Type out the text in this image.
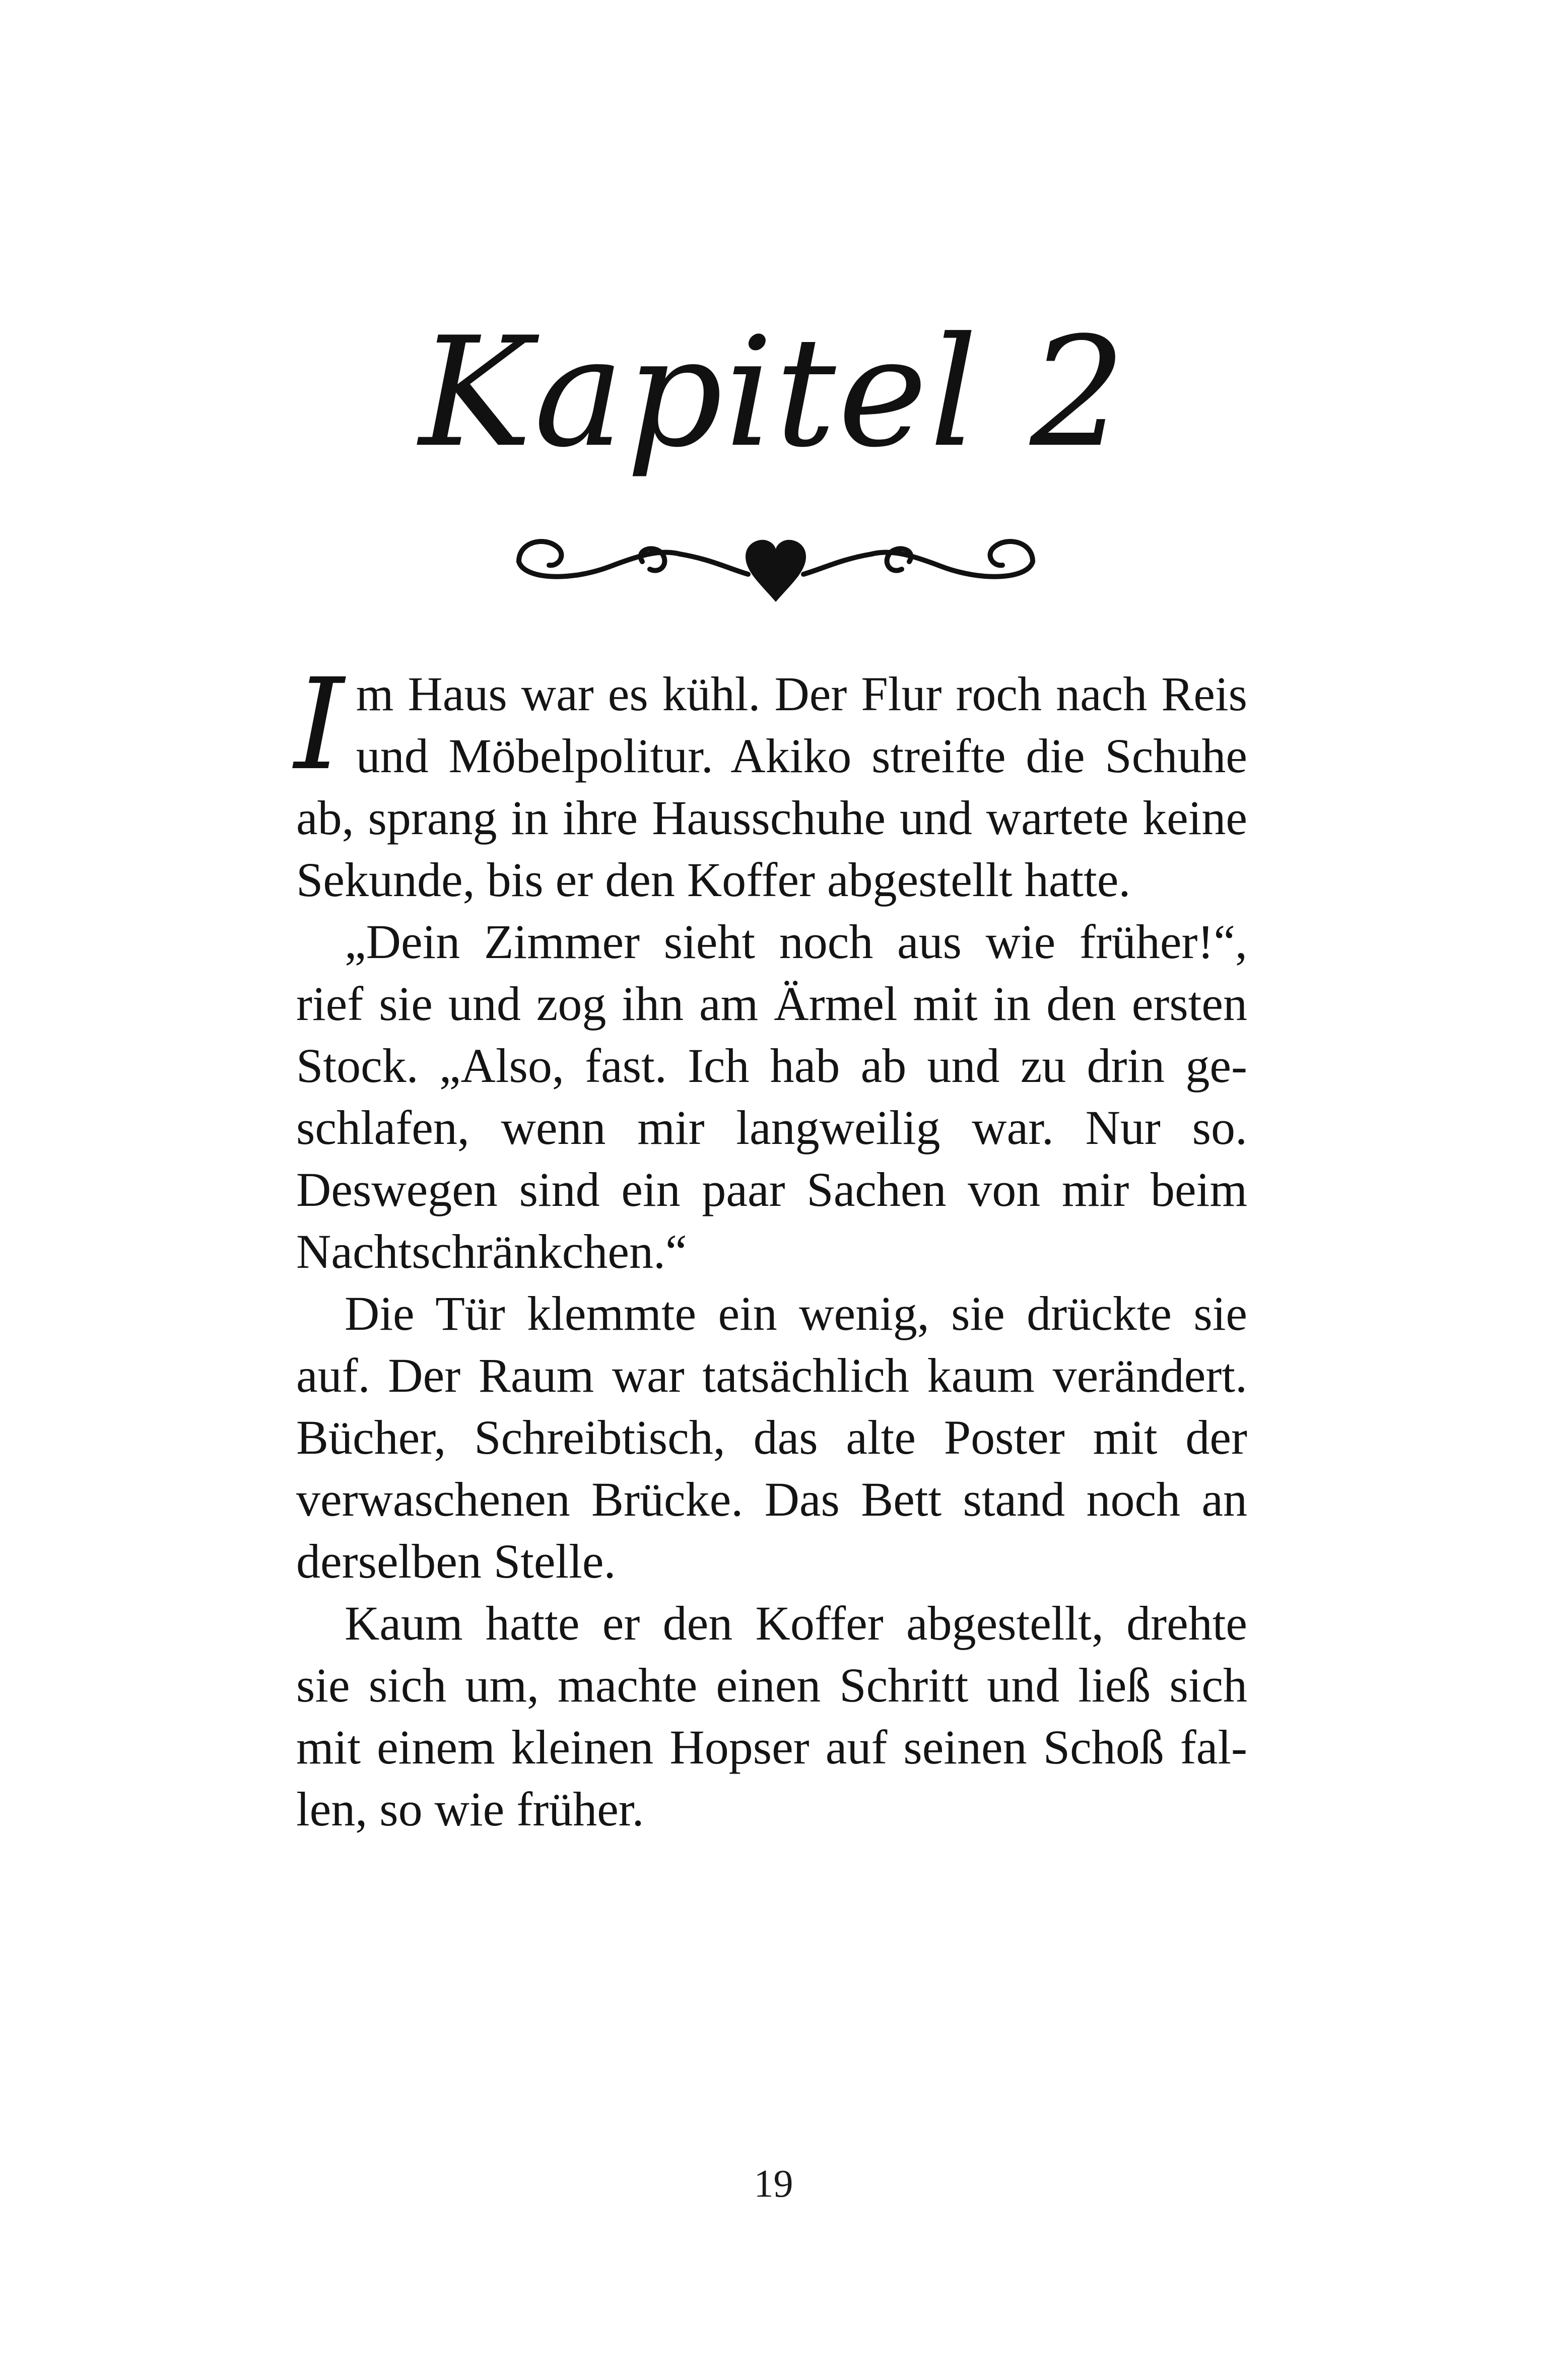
Kapitel 2

Im Haus war es kühl. Der Flur roch nach Reis und Möbelpolitur. Akiko streifte die Schuhe ab, sprang in ihre Hausschuhe und wartete keine Sekunde, bis er den Koffer abgestellt hatte.

„Dein Zimmer sieht noch aus wie früher!“, rief sie und zog ihn am Ärmel mit in den ersten Stock. „Also, fast. Ich hab ab und zu drin geschlafen, wenn mir langweilig war. Nur so. Deswegen sind ein paar Sachen von mir beim Nachtschränkchen.“

Die Tür klemmte ein wenig, sie drückte sie auf. Der Raum war tatsächlich kaum verändert. Bücher, Schreibtisch, das alte Poster mit der verwaschenen Brücke. Das Bett stand noch an derselben Stelle.

Kaum hatte er den Koffer abgestellt, drehte sie sich um, machte einen Schritt und ließ sich mit einem kleinen Hopser auf seinen Schoß fallen, so wie früher.

19
